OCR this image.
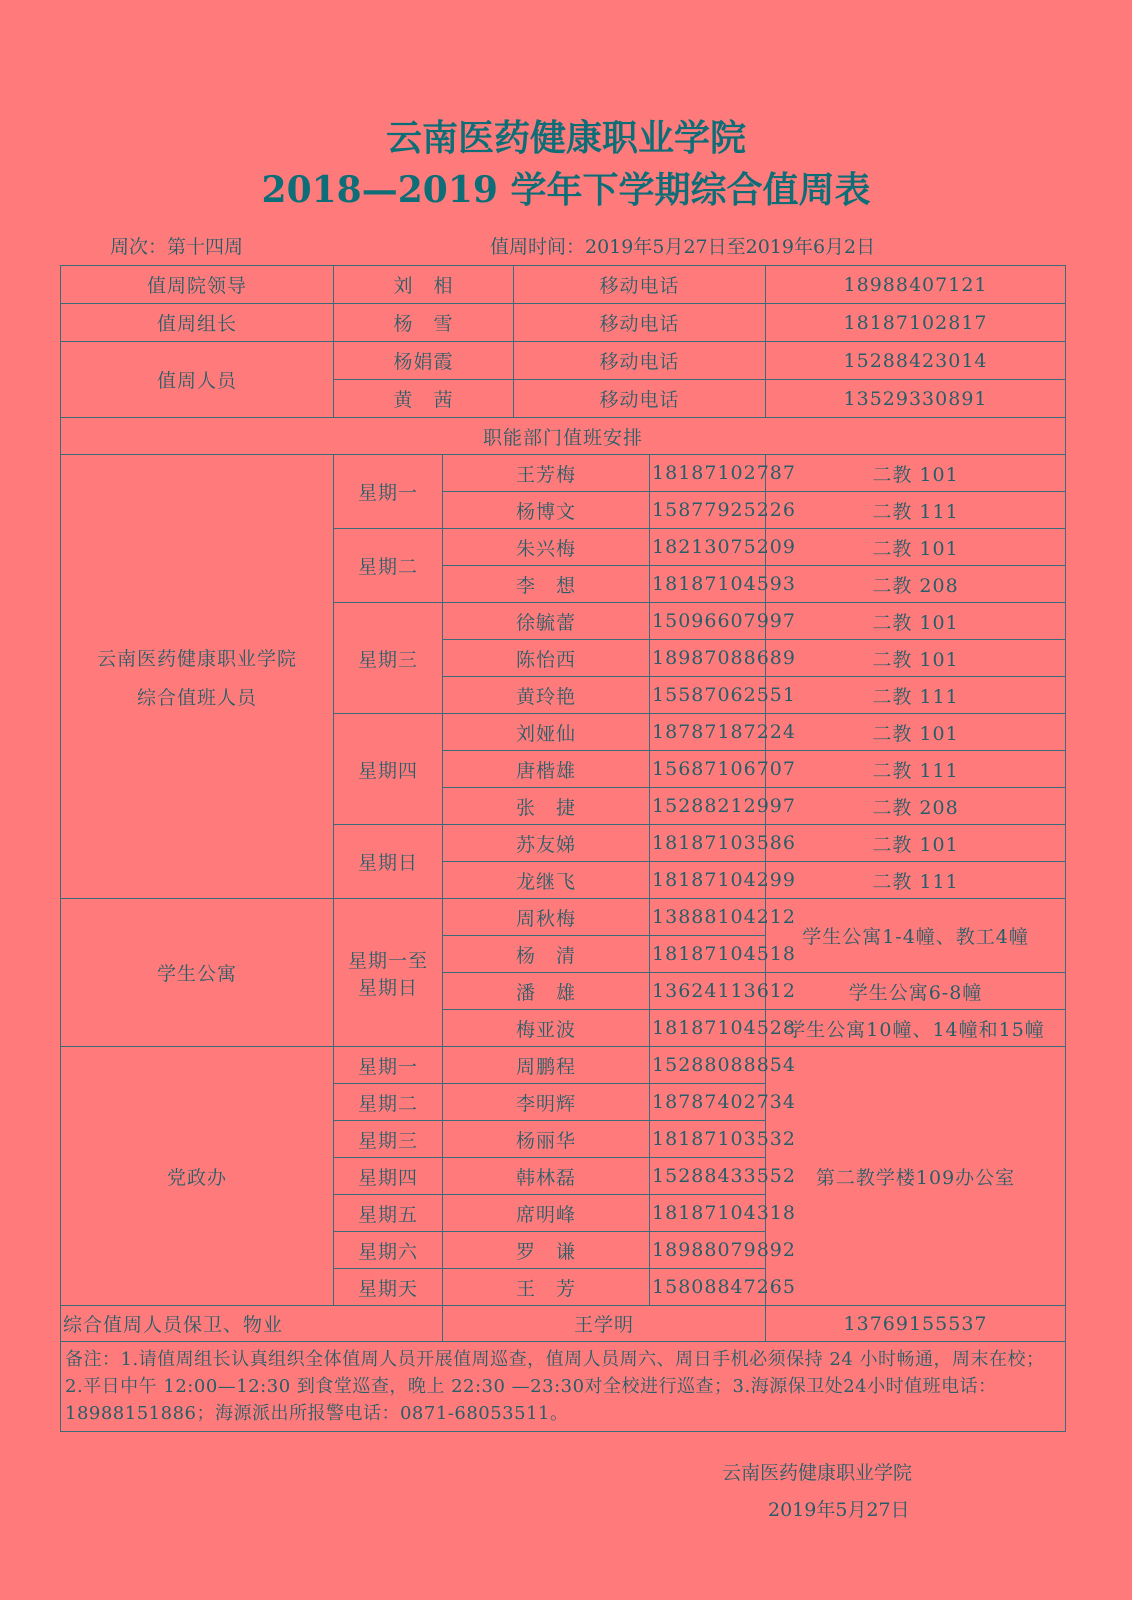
云南医药健康职业学院
2018—2019 学年下学期综合值周表
周次：第十四周	值周时间：2019年5月27日至2019年6月2日
值周院领导	刘　相		移动电话		18988407121
值周组长	杨　雪		移动电话		18187102817
值周人员	杨娟霞		移动电话		15288423014
	黄　茜		移动电话		13529330891
职能部门值班安排					

云南医药健康职业学院
综合值班人员	星期一	王芳梅		18187102787	二教 101
		杨博文		15877925226	二教 111
	星期二	朱兴梅		18213075209	二教 101
		李　想		18187104593	二教 208
	星期三	徐毓蕾		15096607997	二教 101
		陈怡西		18987088689	二教 101
		黄玲艳		15587062551	二教 111
	星期四	刘娅仙		18787187224	二教 101
		唐楷雄		15687106707	二教 111
		张　捷		15288212997	二教 208
	星期日	苏友娣		18187103586	二教 101
		龙继飞		18187104299	二教 111
学生公寓	星期一至
星期日	周秋梅		13888104212	学生公寓1-4幢、教工4幢
		杨　清		18187104518	
		潘　雄		13624113612	学生公寓6-8幢
		梅亚波		18187104528	学生公寓10幢、14幢和15幢
党政办	星期一	周鹏程		15288088854	第二教学楼109办公室
	星期二	李明辉		18787402734	
	星期三	杨丽华		18187103532	
	星期四	韩林磊		15288433552	
	星期五	席明峰		18187104318	
	星期六	罗　谦		18988079892	
	星期天	王　芳		15808847265	
综合值周人员保卫、物业		王学明			13769155537
备注：1.请值周组长认真组织全体值周人员开展值周巡查，值周人员周六、周日手机必须保持 24 小时畅通，周末在校；2.平日中午 12:00—12:30 到食堂巡查，晚上 22:30 —23:30对全校进行巡查；3.海源保卫处24小时值班电话：18988151886；海源派出所报警电话：0871-68053511。					
云南医药健康职业学院
2019年5月27日
